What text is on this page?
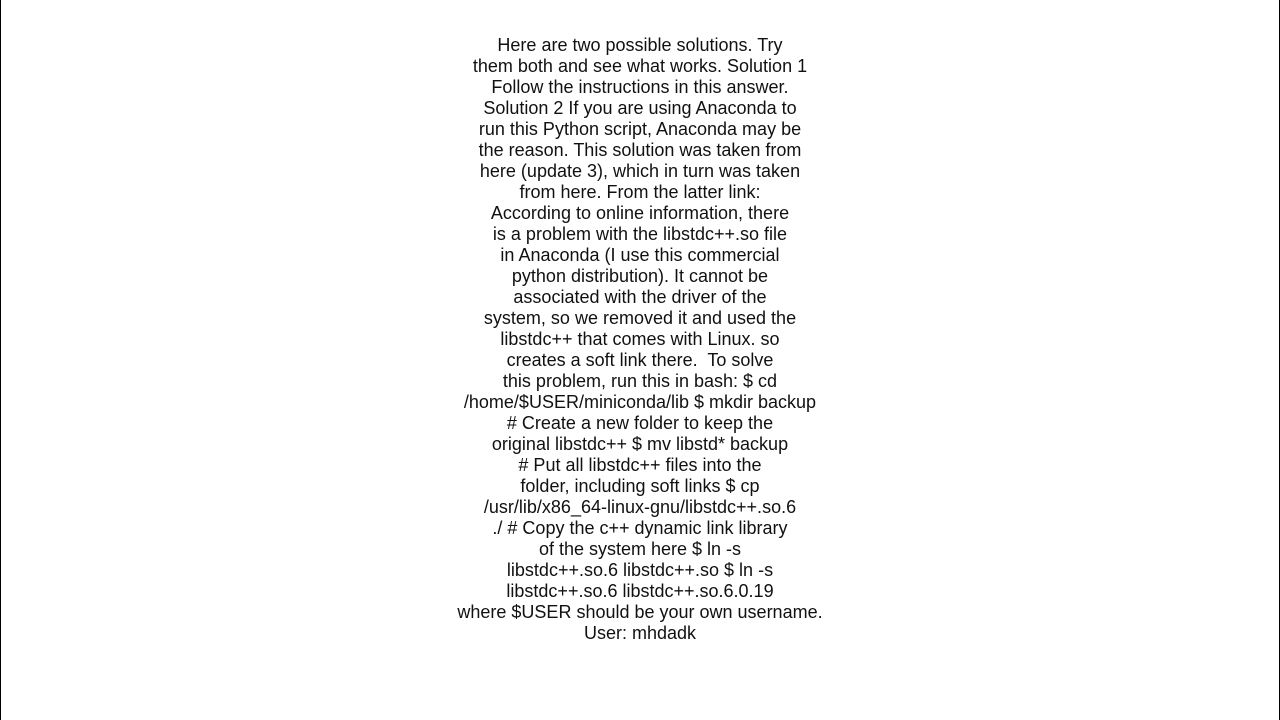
Here are two possible solutions. Try
them both and see what works. Solution 1
Follow the instructions in this answer.
Solution 2 If you are using Anaconda to
run this Python script, Anaconda may be
the reason. This solution was taken from
here (update 3), which in turn was taken
from here. From the latter link:
According to online information, there
is a problem with the libstdc++.so file
in Anaconda (I use this commercial
python distribution). It cannot be
associated with the driver of the
system, so we removed it and used the
libstdc++ that comes with Linux. so
creates a soft link there.  To solve
this problem, run this in bash: $ cd
/home/$USER/miniconda/lib $ mkdir backup
# Create a new folder to keep the
original libstdc++ $ mv libstd* backup
# Put all libstdc++ files into the
folder, including soft links $ cp
/usr/lib/x86_64-linux-gnu/libstdc++.so.6
./ # Copy the c++ dynamic link library
of the system here $ ln -s
libstdc++.so.6 libstdc++.so $ ln -s
libstdc++.so.6 libstdc++.so.6.0.19
where $USER should be your own username.
User: mhdadk
